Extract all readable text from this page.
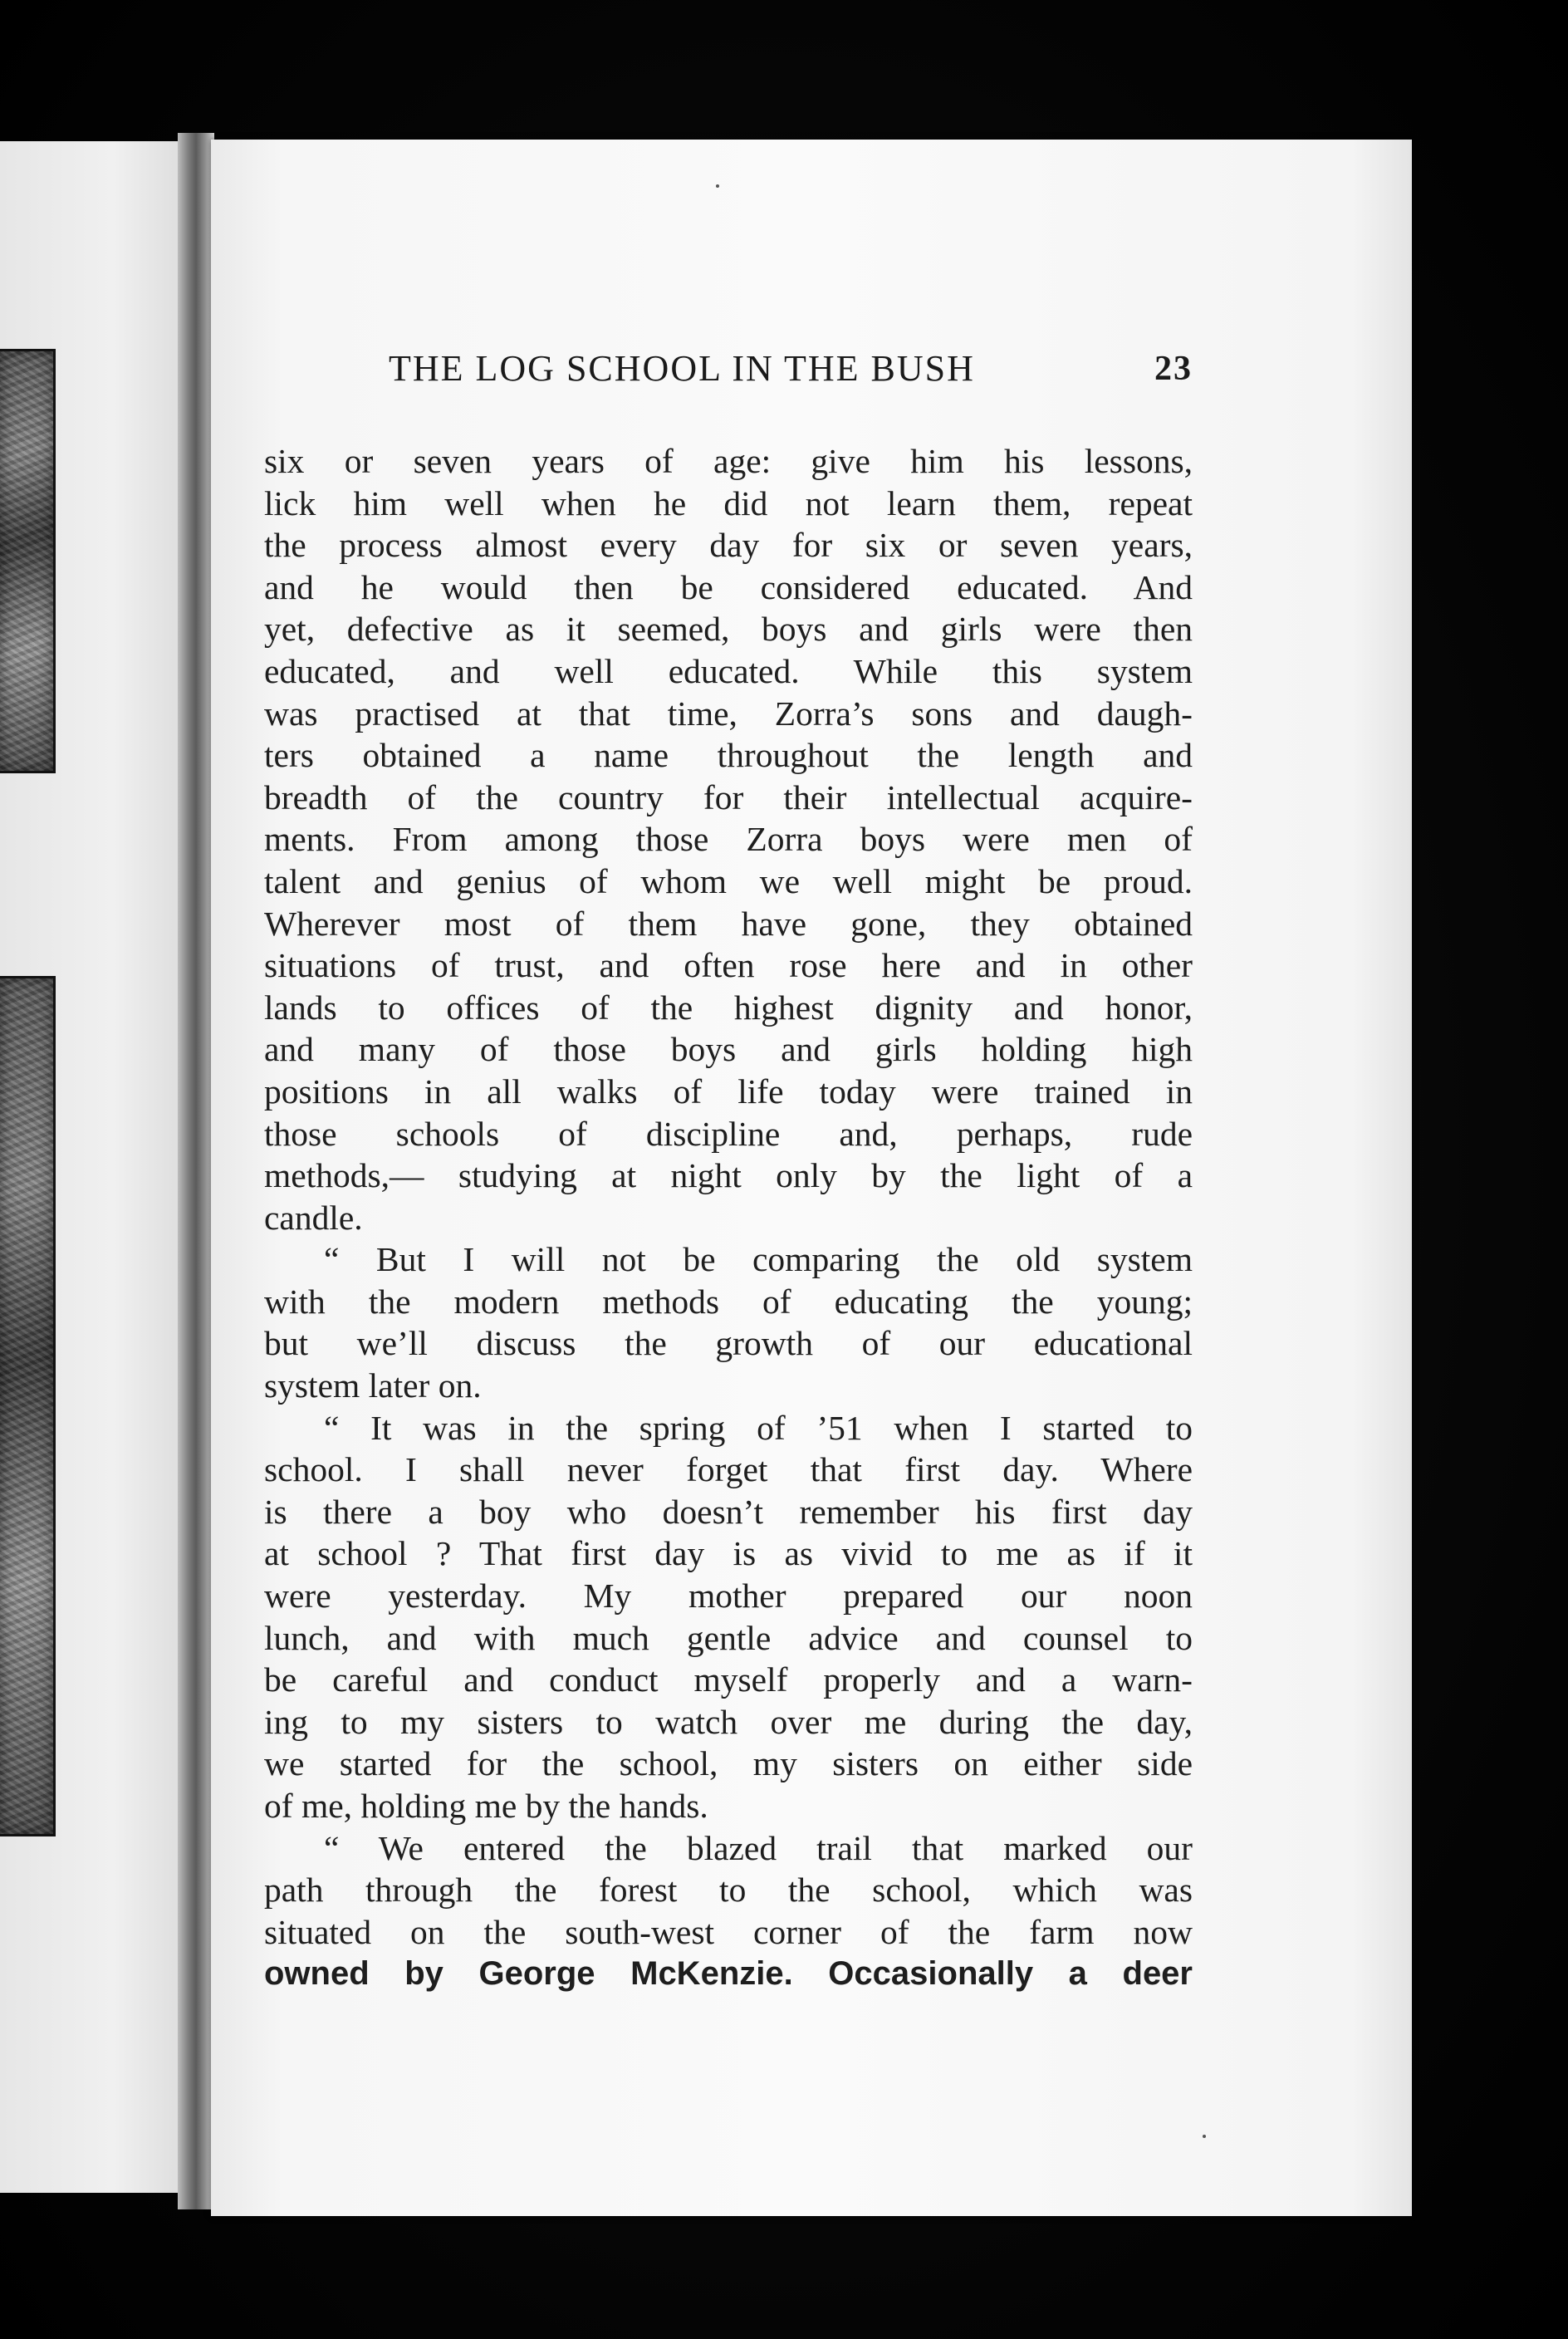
THE LOG SCHOOL IN THE BUSH	23
six or seven years of age: give him his lessons,
lick him well when he did not learn them, repeat
the process almost every day for six or seven years,
and he would then be considered educated. And
yet, defective as it seemed, boys and girls were then
educated, and well educated. While this system
was practised at that time, Zorra’s sons and daugh-
ters obtained a name throughout the length and
breadth of the country for their intellectual acquire-
ments. From among those Zorra boys were men of
talent and genius of whom we well might be proud.
Wherever most of them have gone, they obtained
situations of trust, and often rose here and in other
lands to offices of the highest dignity and honor,
and many of those boys and girls holding high
positions in all walks of life today were trained in
those schools of discipline and, perhaps, rude
methods,— studying at night only by the light of a
candle.
“ But I will not be comparing the old system
with the modern methods of educating the young;
but we’ll discuss the growth of our educational
system later on.
“ It was in the spring of ’51 when I started to
school. I shall never forget that first day. Where
is there a boy who doesn’t remember his first day
at school ? That first day is as vivid to me as if it
were yesterday. My mother prepared our noon
lunch, and with much gentle advice and counsel to
be careful and conduct myself properly and a warn-
ing to my sisters to watch over me during the day,
we started for the school, my sisters on either side
of me, holding me by the hands.
“ We entered the blazed trail that marked our
path through the forest to the school, which was
situated on the south-west corner of the farm now
owned by George McKenzie. Occasionally a deer
